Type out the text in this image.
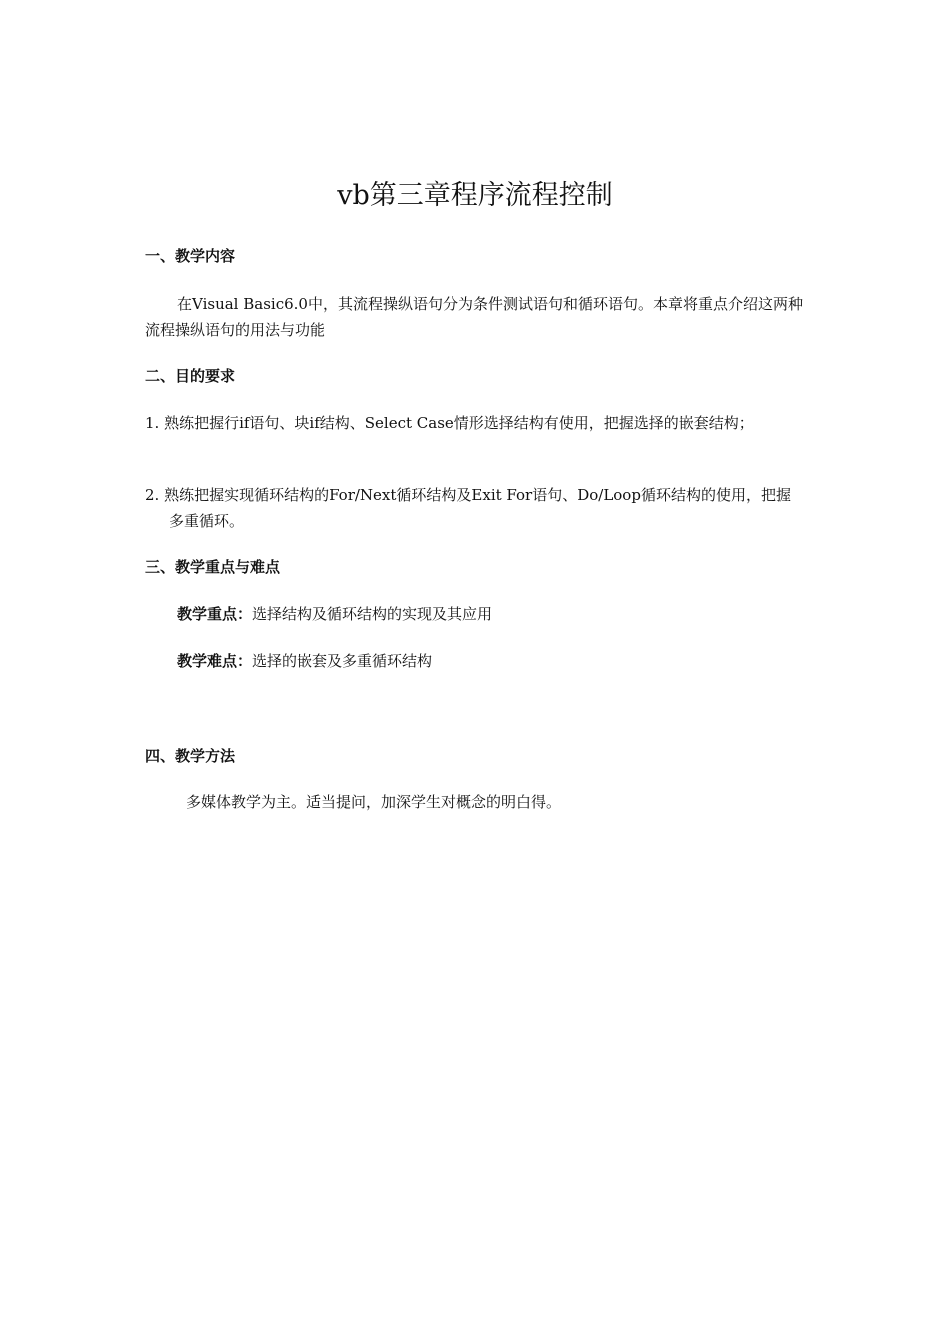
vb第三章程序流程控制
一、教学内容

在Visual Basic6.0中，其流程操纵语句分为条件测试语句和循环语句。本章将重点介绍这两种流程操纵语句的用法与功能

二、目的要求

1. 熟练把握行if语句、块if结构、Select Case情形选择结构有使用，把握选择的嵌套结构；

2. 熟练把握实现循环结构的For/Next循环结构及Exit For语句、Do/Loop循环结构的使用，把握多重循环。

三、教学重点与难点

教学重点：选择结构及循环结构的实现及其应用

教学难点：选择的嵌套及多重循环结构

四、教学方法

多媒体教学为主。适当提问，加深学生对概念的明白得。
